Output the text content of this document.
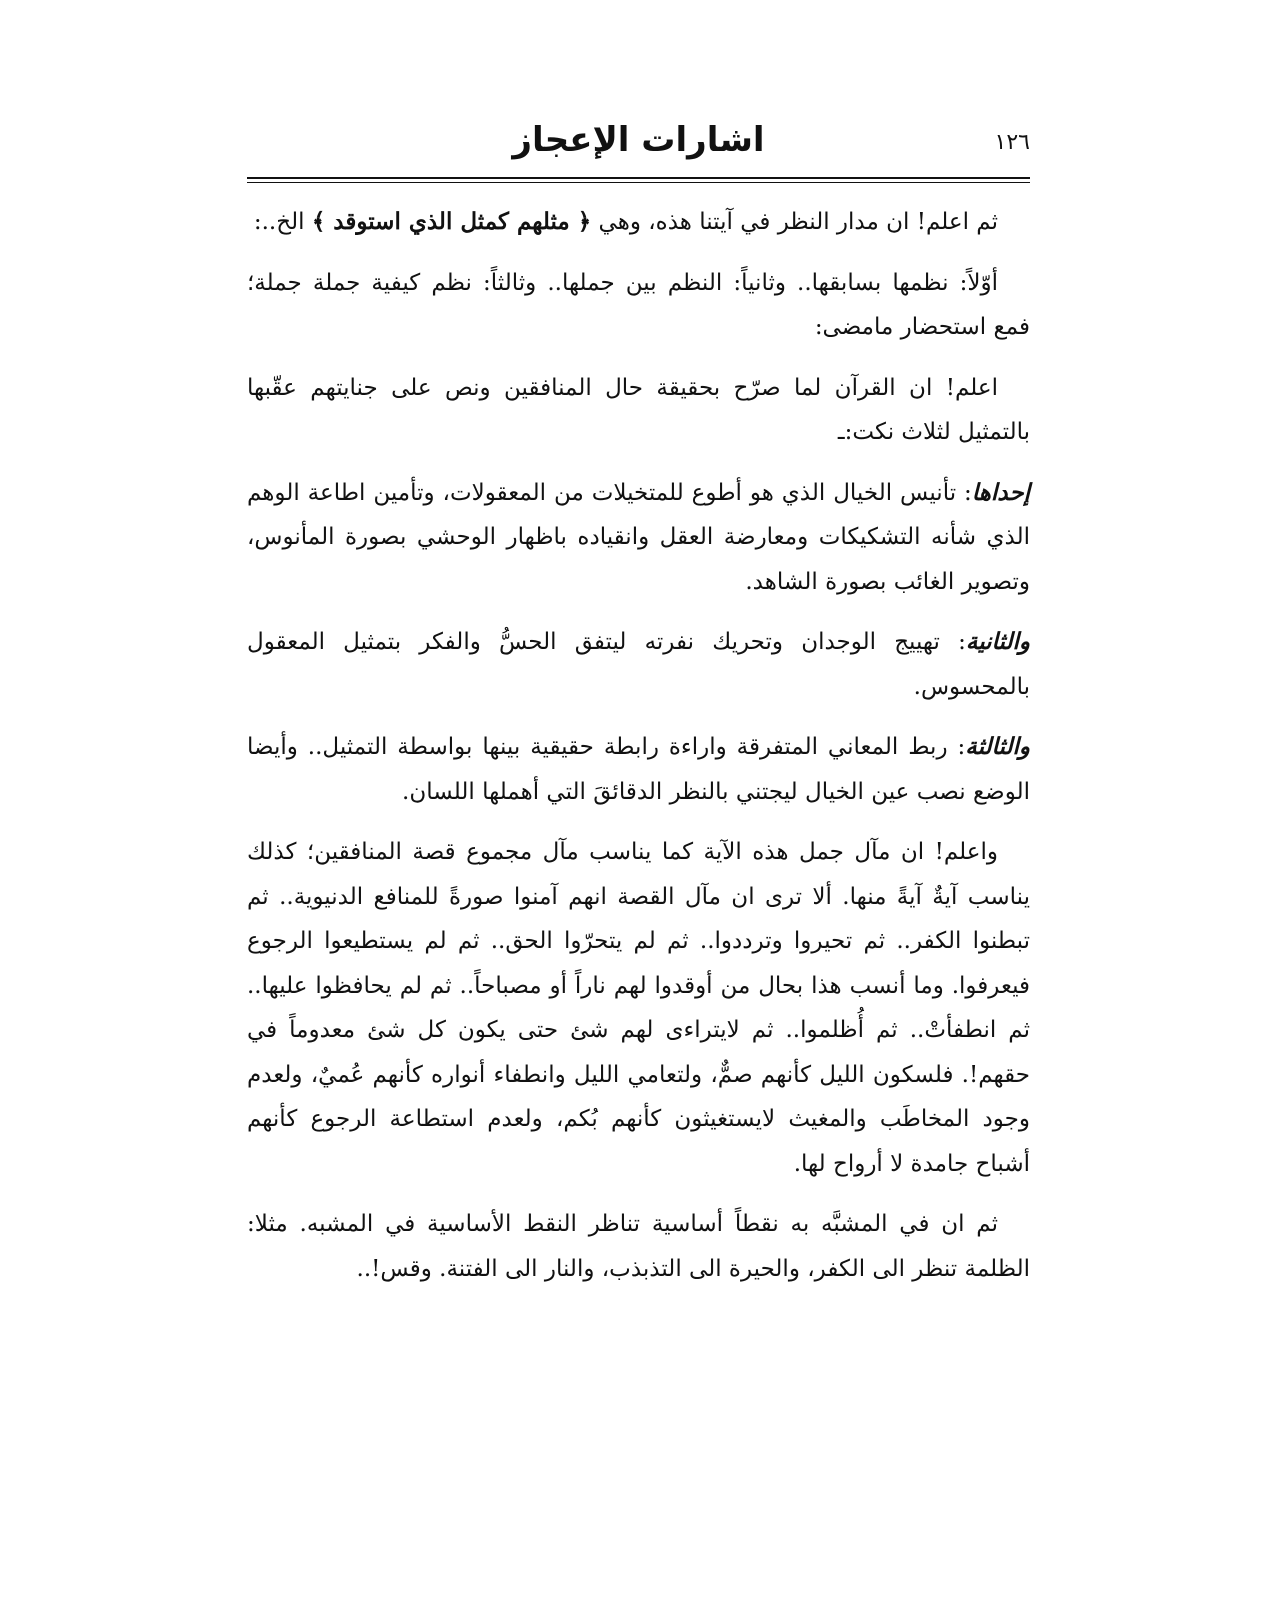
١٢٦
اشارات الإعجاز

ثم اعلم! ان مدار النظر في آيتنا هذه، وهي ﴿ مثلهم كمثل الذي استوقد ﴾ الخ..:

أوّلاً: نظمها بسابقها.. وثانياً: النظم بين جملها.. وثالثاً: نظم كيفية جملة جملة؛ فمع استحضار مامضى:

اعلم! ان القرآن لما صرّح بحقيقة حال المنافقين ونص على جنايتهم عقّبها بالتمثيل لثلاث نكت:ـ

إحداها: تأنيس الخيال الذي هو أطوع للمتخيلات من المعقولات، وتأمين اطاعة الوهم الذي شأنه التشكيكات ومعارضة العقل وانقياده باظهار الوحشي بصورة المأنوس، وتصوير الغائب بصورة الشاهد.

والثانية: تهييج الوجدان وتحريك نفرته ليتفق الحسُّ والفكر بتمثيل المعقول بالمحسوس.

والثالثة: ربط المعاني المتفرقة واراءة رابطة حقيقية بينها بواسطة التمثيل.. وأيضا الوضع نصب عين الخيال ليجتني بالنظر الدقائقَ التي أهملها اللسان.

واعلم! ان مآل جمل هذه الآية كما يناسب مآل مجموع قصة المنافقين؛ كذلك يناسب آيةٌ آيةً منها. ألا ترى ان مآل القصة انهم آمنوا صورةً للمنافع الدنيوية.. ثم تبطنوا الكفر.. ثم تحيروا وترددوا.. ثم لم يتحرّوا الحق.. ثم لم يستطيعوا الرجوع فيعرفوا. وما أنسب هذا بحال من أوقدوا لهم ناراً أو مصباحاً.. ثم لم يحافظوا عليها.. ثم انطفأتْ.. ثم أُظلموا.. ثم لايتراءى لهم شئ حتى يكون كل شئ معدوماً في حقهم!. فلسكون الليل كأنهم صمٌّ، ولتعامي الليل وانطفاء أنواره كأنهم عُميٌ، ولعدم وجود المخاطَب والمغيث لايستغيثون كأنهم بُكم، ولعدم استطاعة الرجوع كأنهم أشباح جامدة لا أرواح لها.

ثم ان في المشبَّه به نقطاً أساسية تناظر النقط الأساسية في المشبه. مثلا: الظلمة تنظر الى الكفر، والحيرة الى التذبذب، والنار الى الفتنة. وقس!..
